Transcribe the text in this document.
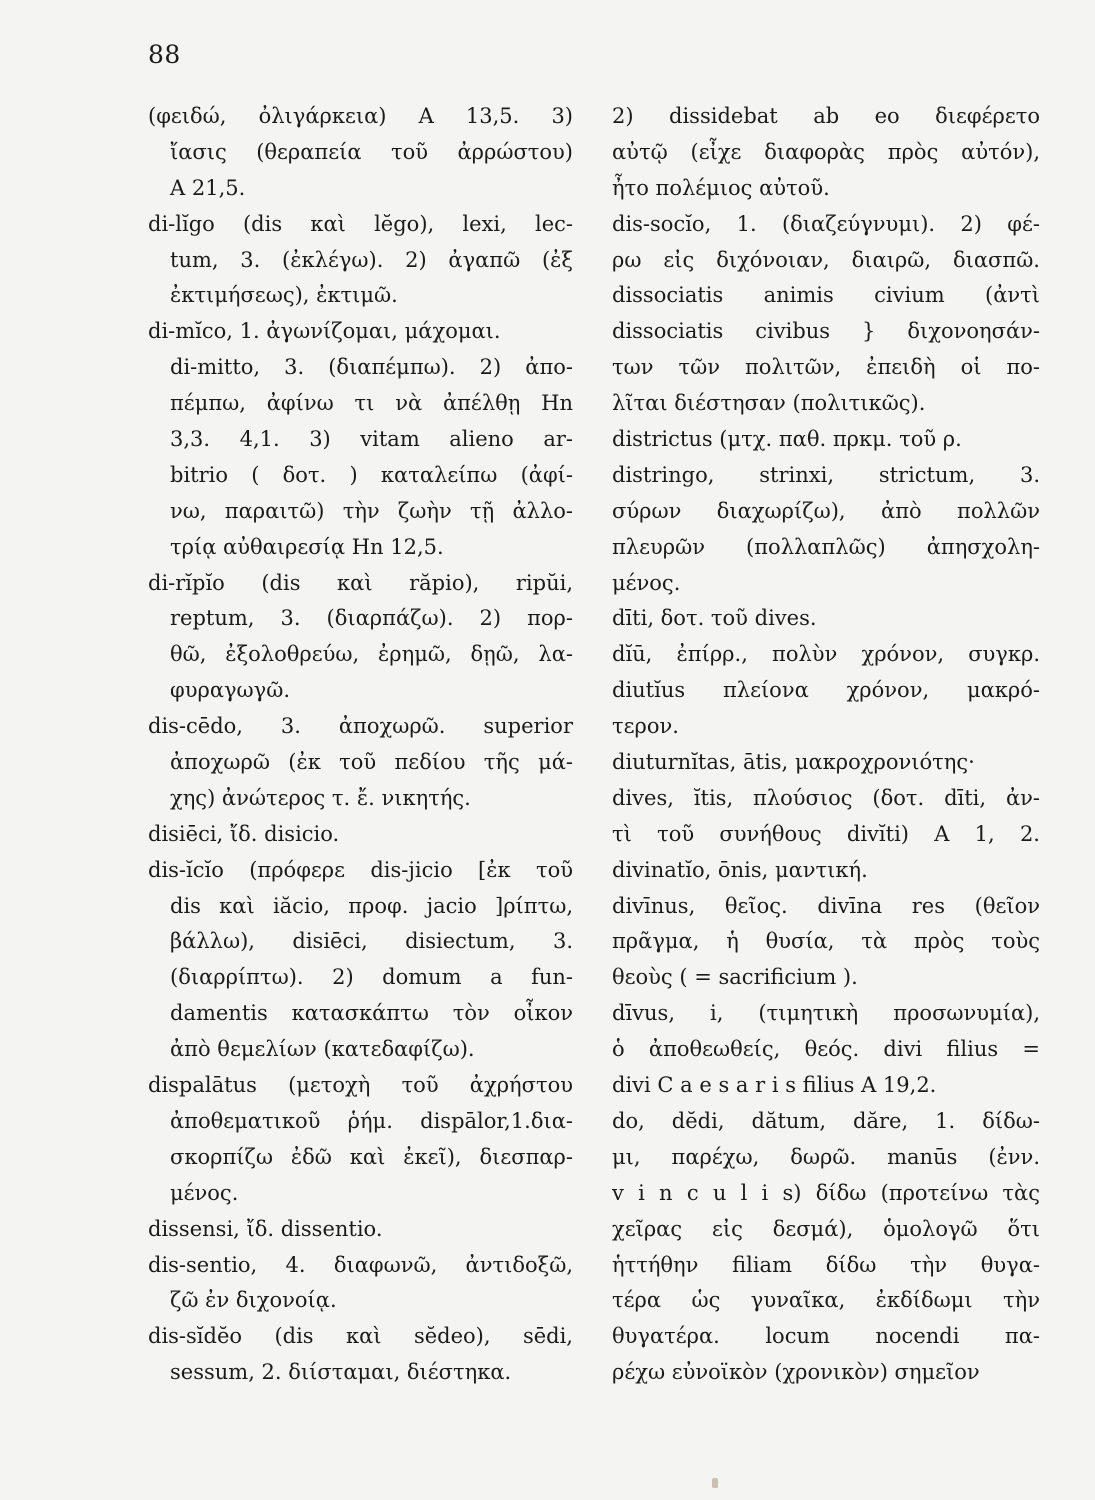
88
(φειδώ, ὀλιγάρκεια) Α 13,5. 3)
ἴασις (θεραπεία τοῦ ἀρρώστου)
Α 21,5.
di-lĭgo (dis καὶ lĕgo), lexi, lec-
tum, 3. (ἐκλέγω). 2) ἀγαπῶ (ἐξ
ἐκτιμήσεως), ἐκτιμῶ.
di-mĭco, 1. ἀγωνίζομαι, μάχομαι.
di-mitto, 3. (διαπέμπω). 2) ἀπο-
πέμπω, ἀφίνω τι νὰ ἀπέλθῃ Ηn
3,3. 4,1. 3) vitam alieno ar-
bitrio ( δοτ. ) καταλείπω (ἀφί-
νω, παραιτῶ) τὴν ζωὴν τῇ ἀλλο-
τρίᾳ αὐθαιρεσίᾳ Ηn 12,5.
di-rĭpĭo (dis καὶ răpio), ripŭi,
reptum, 3. (διαρπάζω). 2) πορ-
θῶ, ἐξολοθρεύω, ἐρημῶ, δῃῶ, λα-
φυραγωγῶ.
dis-cēdo, 3. ἀποχωρῶ. superior
ἀποχωρῶ (ἐκ τοῦ πεδίου τῆς μά-
χης) ἀνώτερος τ. ἔ. νικητής.
disiēci, ἴδ. disicio.
dis-ĭcĭo (πρόφερε dis-jicio [ἐκ τοῦ
dis καὶ iăcio, προφ. jacio ]ρίπτω,
βάλλω), disiēci, disiectum, 3.
(διαρρίπτω). 2) domum a fun-
damentis κατασκάπτω τὸν οἶκον
ἀπὸ θεμελίων (κατεδαφίζω).
dispalātus (μετοχὴ τοῦ ἀχρήστου
ἀποθεματικοῦ ῥήμ. dispālor,1.δια-
σκορπίζω ἐδῶ καὶ ἐκεῖ), διεσπαρ-
μένος.
dissensi, ἴδ. dissentio.
dis-sentio, 4. διαφωνῶ, ἀντιδοξῶ,
ζῶ ἐν διχονοίᾳ.
dis-sĭdĕo (dis καὶ sĕdeo), sēdi,
sessum, 2. διίσταμαι, διέστηκα.
2) dissidebat ab eo διεφέρετο
αὐτῷ (εἶχε διαφορὰς πρὸς αὐτόν),
ἦτο πολέμιος αὐτοῦ.
dis-socĭo, 1. (διαζεύγνυμι). 2) φέ-
ρω εἰς διχόνοιαν, διαιρῶ, διασπῶ.
dissociatis animis civium (ἀντὶ
dissociatis civibus } διχονοησάν-
των τῶν πολιτῶν, ἐπειδὴ οἱ πο-
λῖται διέστησαν (πολιτικῶς).
districtus (μτχ. παθ. πρκμ. τοῦ ρ.
distringo, strinxi, strictum, 3.
σύρων διαχωρίζω), ἀπὸ πολλῶν
πλευρῶν (πολλαπλῶς) ἀπησχολη-
μένος.
dīti, δοτ. τοῦ dives.
dĭū, ἐπίρρ., πολὺν χρόνον, συγκρ.
diutĭus πλείονα χρόνον, μακρό-
τερον.
diuturnĭtas, ātis, μακροχρονιότης·
dives, ĭtis, πλούσιος (δοτ. dīti, ἀν-
τὶ τοῦ συνήθους divĭti) Α 1, 2.
divinatĭo, ōnis, μαντική.
divīnus, θεῖος. divīna res (θεῖον
πρᾶγμα, ἡ θυσία, τὰ πρὸς τοὺς
θεοὺς ( = sacrificium ).
dīvus, i, (τιμητικὴ προσωνυμία),
ὁ ἀποθεωθείς, θεός. divi filius =
divi C a e s a r i s filius Α 19,2.
do, dĕdi, dătum, dăre, 1. δίδω-
μι, παρέχω, δωρῶ. manūs (ἐνν.
v i n c u l i s) δίδω (προτείνω τὰς
χεῖρας εἰς δεσμά), ὁμολογῶ ὅτι
ἡττήθην filiam δίδω τὴν θυγα-
τέρα ὡς γυναῖκα, ἐκδίδωμι τὴν
θυγατέρα. locum nocendi πα-
ρέχω εὐνοϊκὸν (χρονικὸν) σημεῖον
